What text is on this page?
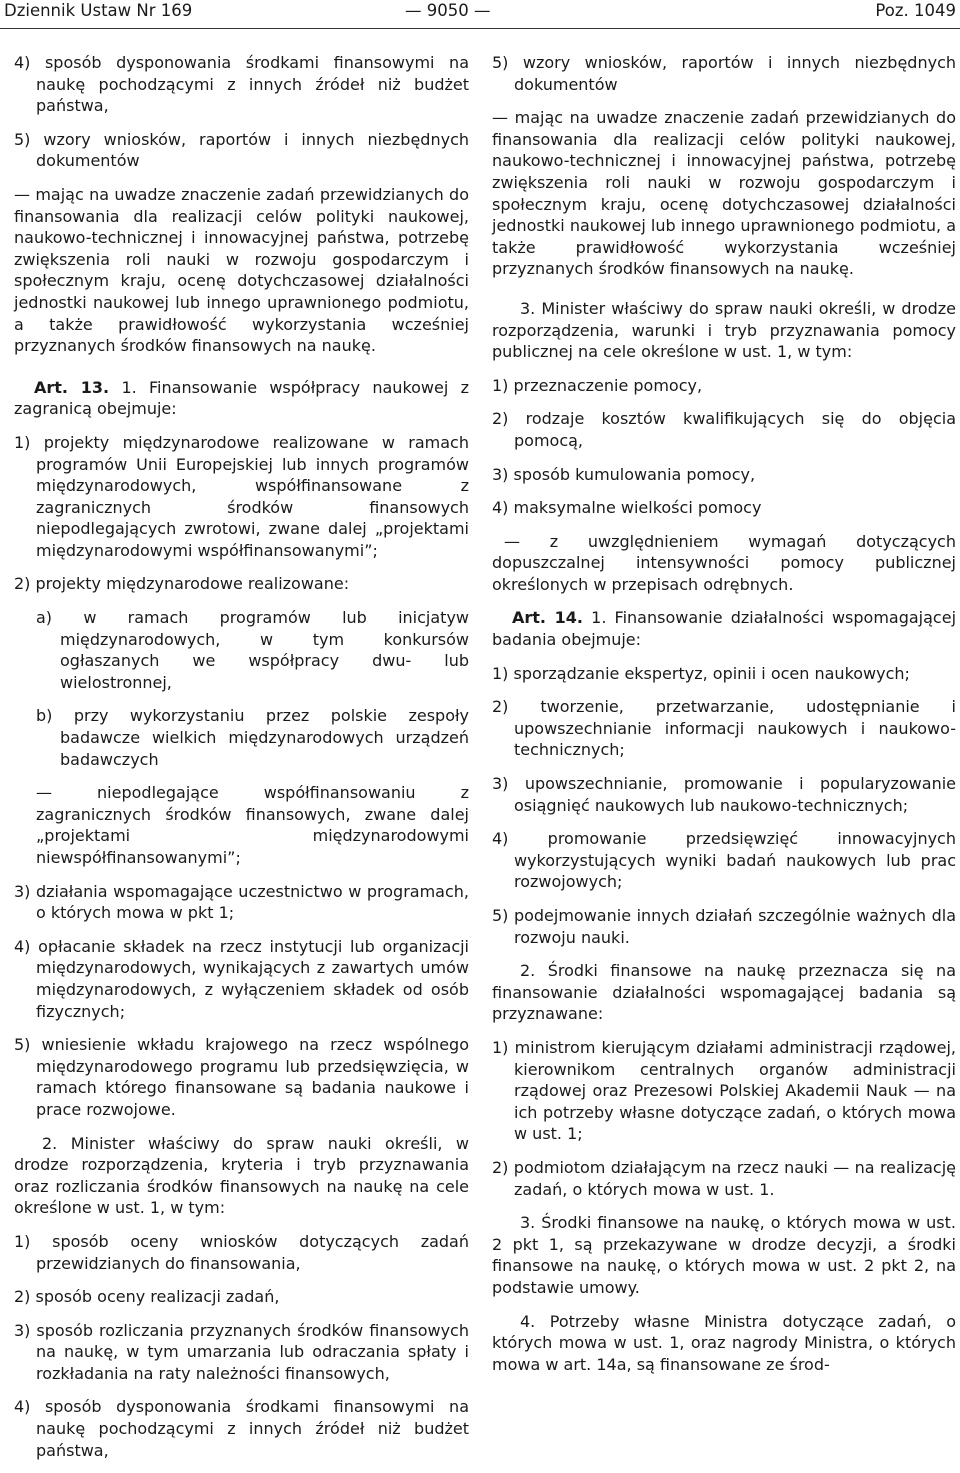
Dziennik Ustaw Nr 169	— 9050 —	Poz. 1049

4) sposób dysponowania środkami finansowymi na naukę pochodzącymi z innych źródeł niż budżet państwa,

5) wzory wniosków, raportów i innych niezbędnych dokumentów

— mając na uwadze znaczenie zadań przewidzianych do finansowania dla realizacji celów polityki naukowej, naukowo-technicznej i innowacyjnej państwa, potrzebę zwiększenia roli nauki w rozwoju gospodarczym i społecznym kraju, ocenę dotychczasowej działalności jednostki naukowej lub innego uprawnionego podmiotu, a także prawidłowość wykorzystania wcześniej przyznanych środków finansowych na naukę.

Art. 13. 1. Finansowanie współpracy naukowej z zagranicą obejmuje:

1) projekty międzynarodowe realizowane w ramach programów Unii Europejskiej lub innych programów międzynarodowych, współfinansowane z zagranicznych środków finansowych niepodlegających zwrotowi, zwane dalej „projektami międzynarodowymi współfinansowanymi”;

2) projekty międzynarodowe realizowane:

a) w ramach programów lub inicjatyw międzynarodowych, w tym konkursów ogłaszanych we współpracy dwu- lub wielostronnej,

b) przy wykorzystaniu przez polskie zespoły badawcze wielkich międzynarodowych urządzeń badawczych

— niepodlegające współfinansowaniu z zagranicznych środków finansowych, zwane dalej „projektami międzynarodowymi niewspółfinansowanymi”;

3) działania wspomagające uczestnictwo w programach, o których mowa w pkt 1;

4) opłacanie składek na rzecz instytucji lub organizacji międzynarodowych, wynikających z zawartych umów międzynarodowych, z wyłączeniem składek od osób fizycznych;

5) wniesienie wkładu krajowego na rzecz wspólnego międzynarodowego programu lub przedsięwzięcia, w ramach którego finansowane są badania naukowe i prace rozwojowe.

2. Minister właściwy do spraw nauki określi, w drodze rozporządzenia, kryteria i tryb przyznawania oraz rozliczania środków finansowych na naukę na cele określone w ust. 1, w tym:

1) sposób oceny wniosków dotyczących zadań przewidzianych do finansowania,

2) sposób oceny realizacji zadań,

3) sposób rozliczania przyznanych środków finansowych na naukę, w tym umarzania lub odraczania spłaty i rozkładania na raty należności finansowych,

4) sposób dysponowania środkami finansowymi na naukę pochodzącymi z innych źródeł niż budżet państwa,

5) wzory wniosków, raportów i innych niezbędnych dokumentów

— mając na uwadze znaczenie zadań przewidzianych do finansowania dla realizacji celów polityki naukowej, naukowo-technicznej i innowacyjnej państwa, potrzebę zwiększenia roli nauki w rozwoju gospodarczym i społecznym kraju, ocenę dotychczasowej działalności jednostki naukowej lub innego uprawnionego podmiotu, a także prawidłowość wykorzystania wcześniej przyznanych środków finansowych na naukę.

3. Minister właściwy do spraw nauki określi, w drodze rozporządzenia, warunki i tryb przyznawania pomocy publicznej na cele określone w ust. 1, w tym:

1) przeznaczenie pomocy,

2) rodzaje kosztów kwalifikujących się do objęcia pomocą,

3) sposób kumulowania pomocy,

4) maksymalne wielkości pomocy

— z uwzględnieniem wymagań dotyczących dopuszczalnej intensywności pomocy publicznej określonych w przepisach odrębnych.

Art. 14. 1. Finansowanie działalności wspomagającej badania obejmuje:

1) sporządzanie ekspertyz, opinii i ocen naukowych;

2) tworzenie, przetwarzanie, udostępnianie i upowszechnianie informacji naukowych i naukowo-technicznych;

3) upowszechnianie, promowanie i popularyzowanie osiągnięć naukowych lub naukowo-technicznych;

4) promowanie przedsięwzięć innowacyjnych wykorzystujących wyniki badań naukowych lub prac rozwojowych;

5) podejmowanie innych działań szczególnie ważnych dla rozwoju nauki.

2. Środki finansowe na naukę przeznacza się na finansowanie działalności wspomagającej badania są przyznawane:

1) ministrom kierującym działami administracji rządowej, kierownikom centralnych organów administracji rządowej oraz Prezesowi Polskiej Akademii Nauk — na ich potrzeby własne dotyczące zadań, o których mowa w ust. 1;

2) podmiotom działającym na rzecz nauki — na realizację zadań, o których mowa w ust. 1.

3. Środki finansowe na naukę, o których mowa w ust. 2 pkt 1, są przekazywane w drodze decyzji, a środki finansowe na naukę, o których mowa w ust. 2 pkt 2, na podstawie umowy.

4. Potrzeby własne Ministra dotyczące zadań, o których mowa w ust. 1, oraz nagrody Ministra, o których mowa w art. 14a, są finansowane ze środ-
